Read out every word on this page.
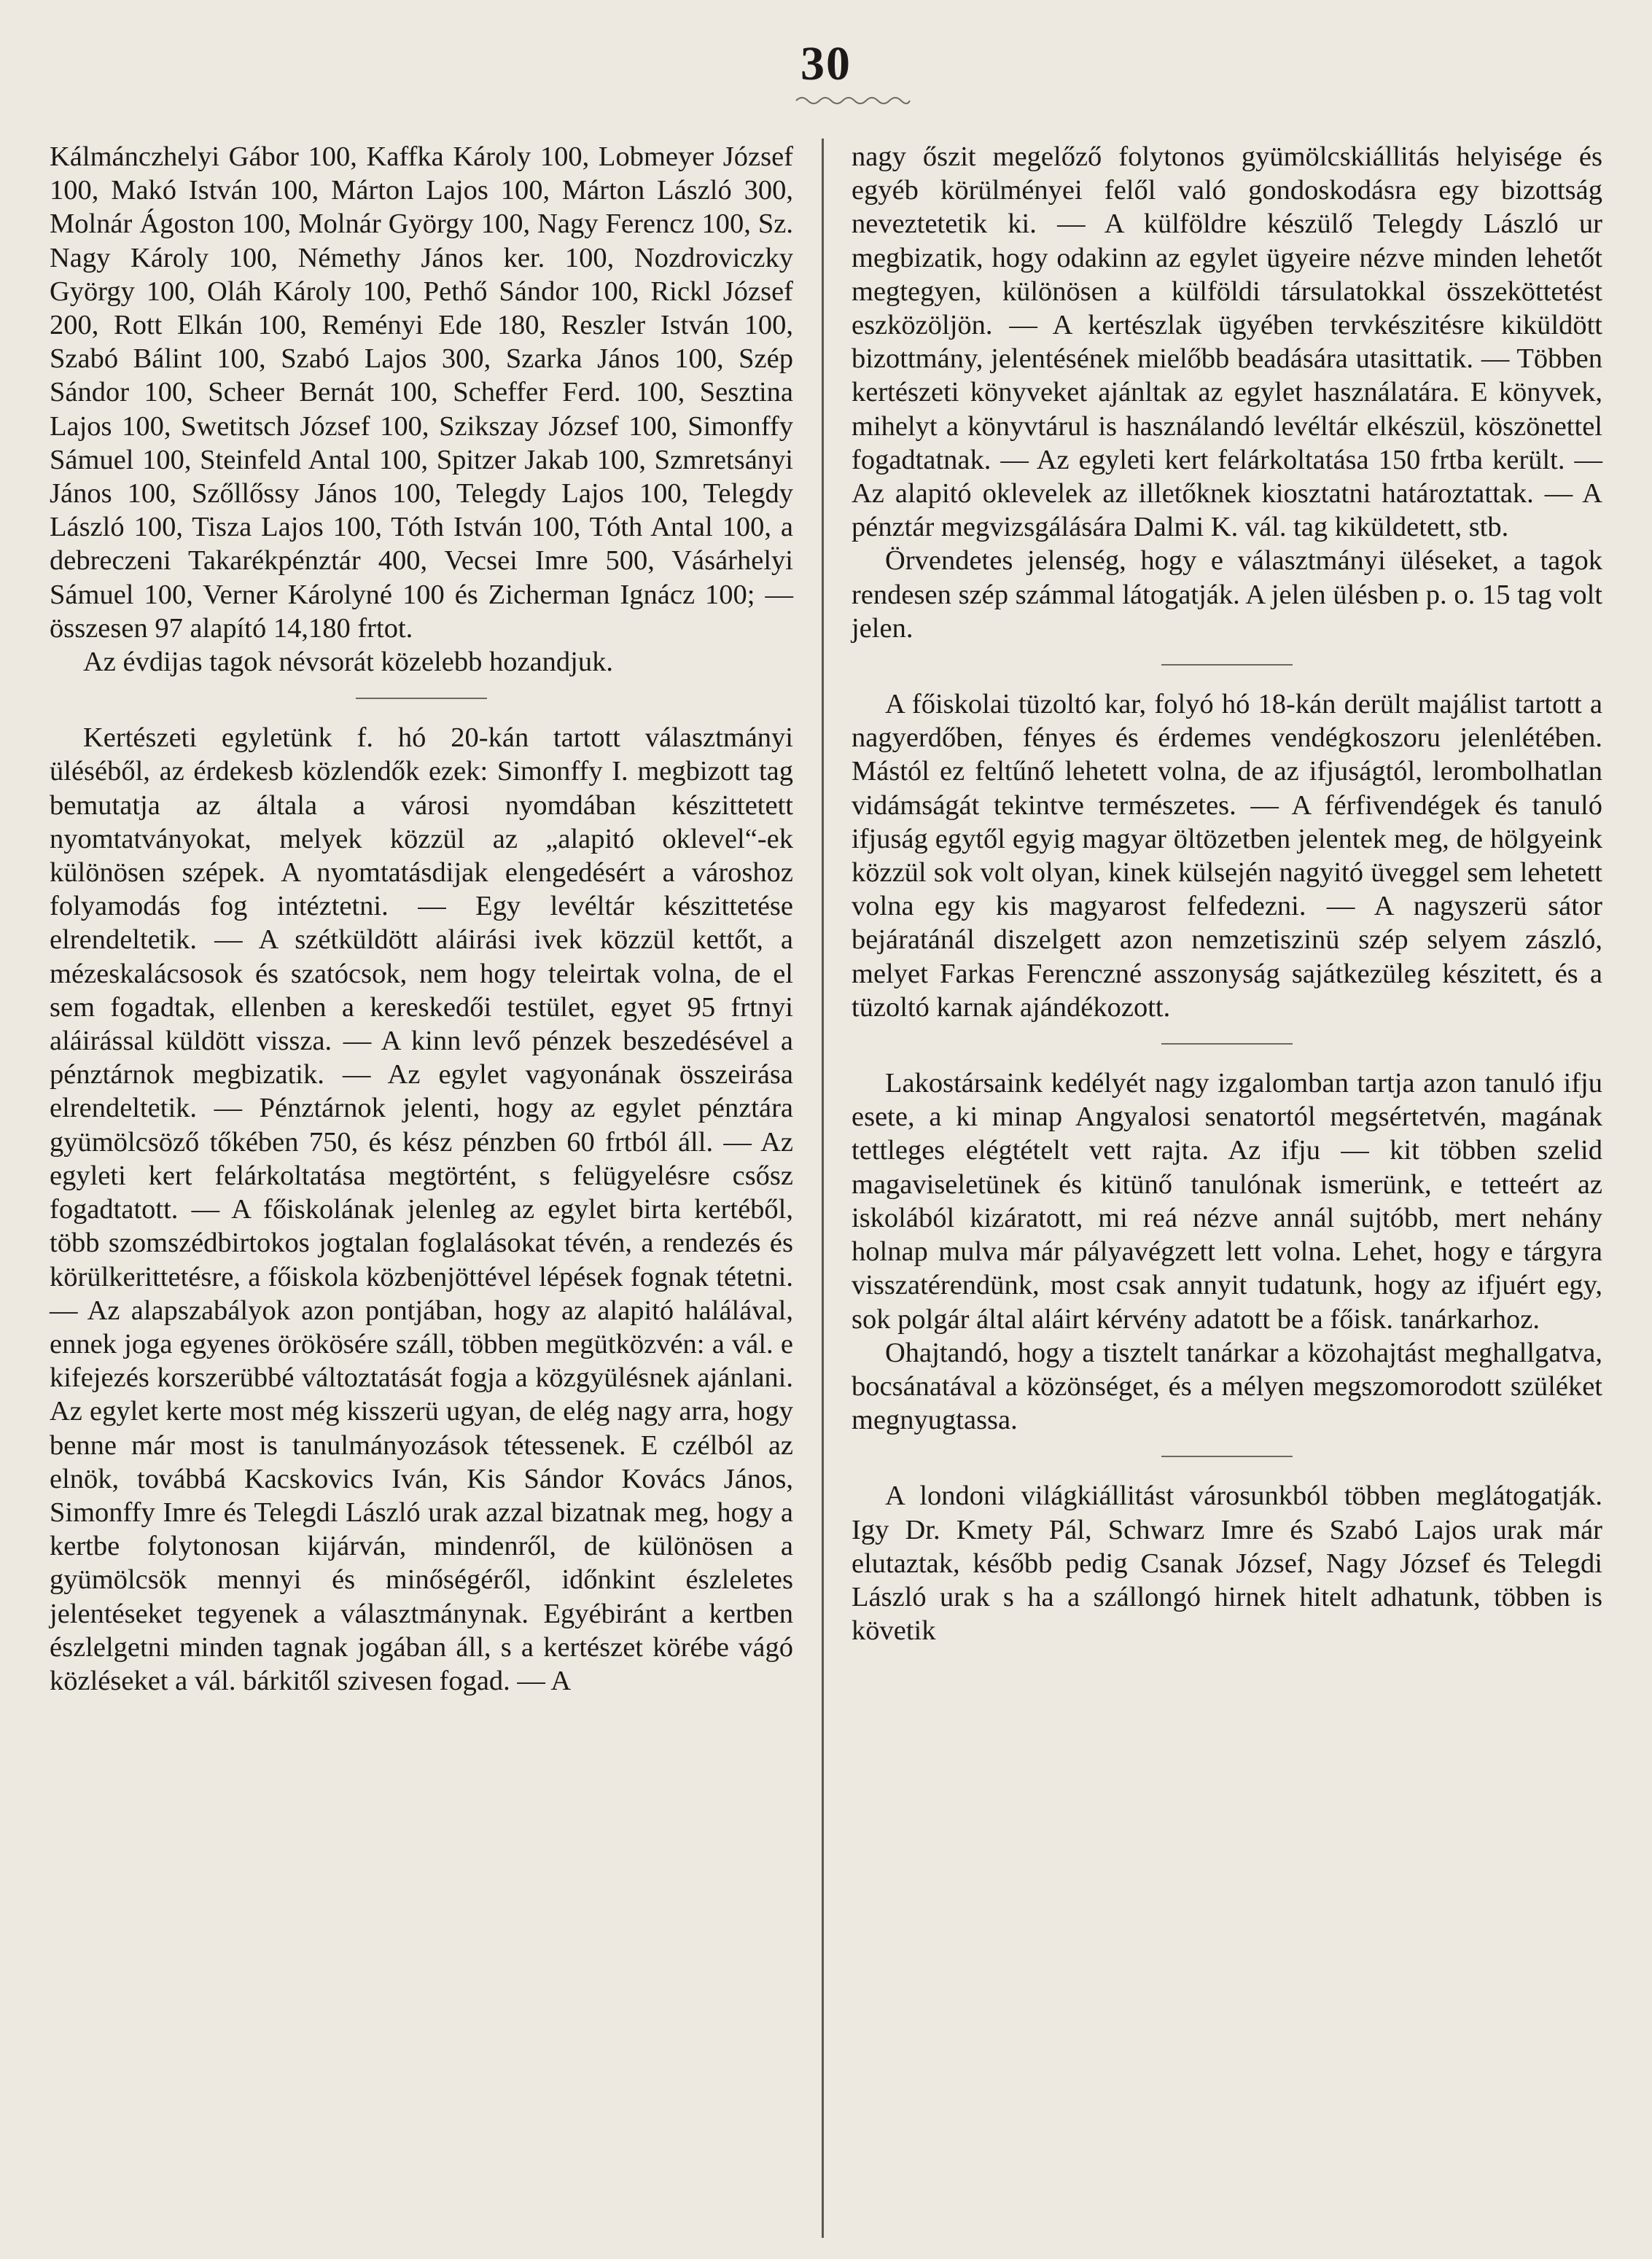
30

Kálmánczhelyi Gábor 100, Kaffka Károly 100, Lobmeyer József 100, Makó István 100, Márton Lajos 100, Márton László 300, Molnár Ágoston 100, Molnár György 100, Nagy Ferencz 100, Sz. Nagy Károly 100, Némethy János ker. 100, Nozdroviczky György 100, Oláh Károly 100, Pethő Sándor 100, Rickl József 200, Rott Elkán 100, Reményi Ede 180, Reszler István 100, Szabó Bálint 100, Szabó Lajos 300, Szarka János 100, Szép Sándor 100, Scheer Bernát 100, Scheffer Ferd. 100, Sesztina Lajos 100, Swetitsch József 100, Szikszay József 100, Simonffy Sámuel 100, Steinfeld Antal 100, Spitzer Jakab 100, Szmretsányi János 100, Szőllőssy János 100, Telegdy Lajos 100, Telegdy László 100, Tisza Lajos 100, Tóth István 100, Tóth Antal 100, a debreczeni Takarékpénztár 400, Vecsei Imre 500, Vásárhelyi Sámuel 100, Verner Károlyné 100 és Zicherman Ignácz 100; — összesen 97 alapító 14,180 frtot.

Az évdijas tagok névsorát közelebb hozandjuk.

Kertészeti egyletünk f. hó 20-kán tartott választmányi üléséből, az érdekesb közlendők ezek: Simonffy I. megbizott tag bemutatja az általa a városi nyomdában készittetett nyomtatványokat, melyek közzül az „alapitó oklevel“-ek különösen szépek. A nyomtatásdijak elengedésért a városhoz folyamodás fog intéztetni. — Egy levéltár készittetése elrendeltetik. — A szétküldött aláirási ivek közzül kettőt, a mézeskalácsosok és szatócsok, nem hogy teleirtak volna, de el sem fogadtak, ellenben a kereskedői testület, egyet 95 frtnyi aláirással küldött vissza. — A kinn levő pénzek beszedésével a pénztárnok megbizatik. — Az egylet vagyonának összeirása elrendeltetik. — Pénztárnok jelenti, hogy az egylet pénztára gyümölcsöző tőkében 750, és kész pénzben 60 frtból áll. — Az egyleti kert felárkoltatása megtörtént, s felügyelésre csősz fogadtatott. — A főiskolának jelenleg az egylet birta kertéből, több szomszédbirtokos jogtalan foglalásokat tévén, a rendezés és körülkerittetésre, a főiskola közbenjöttével lépések fognak tétetni. — Az alapszabályok azon pontjában, hogy az alapitó halálával, ennek joga egyenes örökösére száll, többen megütközvén: a vál. e kifejezés korszerübbé változtatását fogja a közgyülésnek ajánlani. Az egylet kerte most még kisszerü ugyan, de elég nagy arra, hogy benne már most is tanulmányozások tétessenek. E czélból az elnök, továbbá Kacskovics Iván, Kis Sándor Kovács János, Simonffy Imre és Telegdi László urak azzal bizatnak meg, hogy a kertbe folytonosan kijárván, mindenről, de különösen a gyümölcsök mennyi és minőségéről, időnkint észleletes jelentéseket tegyenek a választmánynak. Egyébiránt a kertben észlelgetni minden tagnak jogában áll, s a kertészet körébe vágó közléseket a vál. bárkitől szivesen fogad. — A

nagy őszit megelőző folytonos gyümölcskiállitás helyisége és egyéb körülményei felől való gondoskodásra egy bizottság neveztetetik ki. — A külföldre készülő Telegdy László ur megbizatik, hogy odakinn az egylet ügyeire nézve minden lehetőt megtegyen, különösen a külföldi társulatokkal összeköttetést eszközöljön. — A kertészlak ügyében tervkészitésre kiküldött bizottmány, jelentésének mielőbb beadására utasittatik. — Többen kertészeti könyveket ajánltak az egylet használatára. E könyvek, mihelyt a könyvtárul is használandó levéltár elkészül, köszönettel fogadtatnak. — Az egyleti kert felárkoltatása 150 frtba került. — Az alapitó oklevelek az illetőknek kiosztatni határoztattak. — A pénztár megvizsgálására Dalmi K. vál. tag kiküldetett, stb.

Örvendetes jelenség, hogy e választmányi üléseket, a tagok rendesen szép számmal látogatják. A jelen ülésben p. o. 15 tag volt jelen.

A főiskolai tüzoltó kar, folyó hó 18-kán derült majálist tartott a nagyerdőben, fényes és érdemes vendégkoszoru jelenlétében. Mástól ez feltűnő lehetett volna, de az ifjuságtól, lerombolhatlan vidámságát tekintve természetes. — A férfivendégek és tanuló ifjuság egytől egyig magyar öltözetben jelentek meg, de hölgyeink közzül sok volt olyan, kinek külsején nagyitó üveggel sem lehetett volna egy kis magyarost felfedezni. — A nagyszerü sátor bejáratánál diszelgett azon nemzetiszinü szép selyem zászló, melyet Farkas Ferenczné asszonyság sajátkezüleg készitett, és a tüzoltó karnak ajándékozott.

Lakostársaink kedélyét nagy izgalomban tartja azon tanuló ifju esete, a ki minap Angyalosi senatortól megsértetvén, magának tettleges elégtételt vett rajta. Az ifju — kit többen szelid magaviseletünek és kitünő tanulónak ismerünk, e tetteért az iskolából kizáratott, mi reá nézve annál sujtóbb, mert nehány holnap mulva már pályavégzett lett volna. Lehet, hogy e tárgyra visszatérendünk, most csak annyit tudatunk, hogy az ifjuért egy, sok polgár által aláirt kérvény adatott be a főisk. tanárkarhoz.

Ohajtandó, hogy a tisztelt tanárkar a közohajtást meghallgatva, bocsánatával a közönséget, és a mélyen megszomorodott szüléket megnyugtassa.

A londoni világkiállitást városunkból többen meglátogatják. Igy Dr. Kmety Pál, Schwarz Imre és Szabó Lajos urak már elutaztak, később pedig Csanak József, Nagy József és Telegdi László urak s ha a szállongó hirnek hitelt adhatunk, többen is követik
